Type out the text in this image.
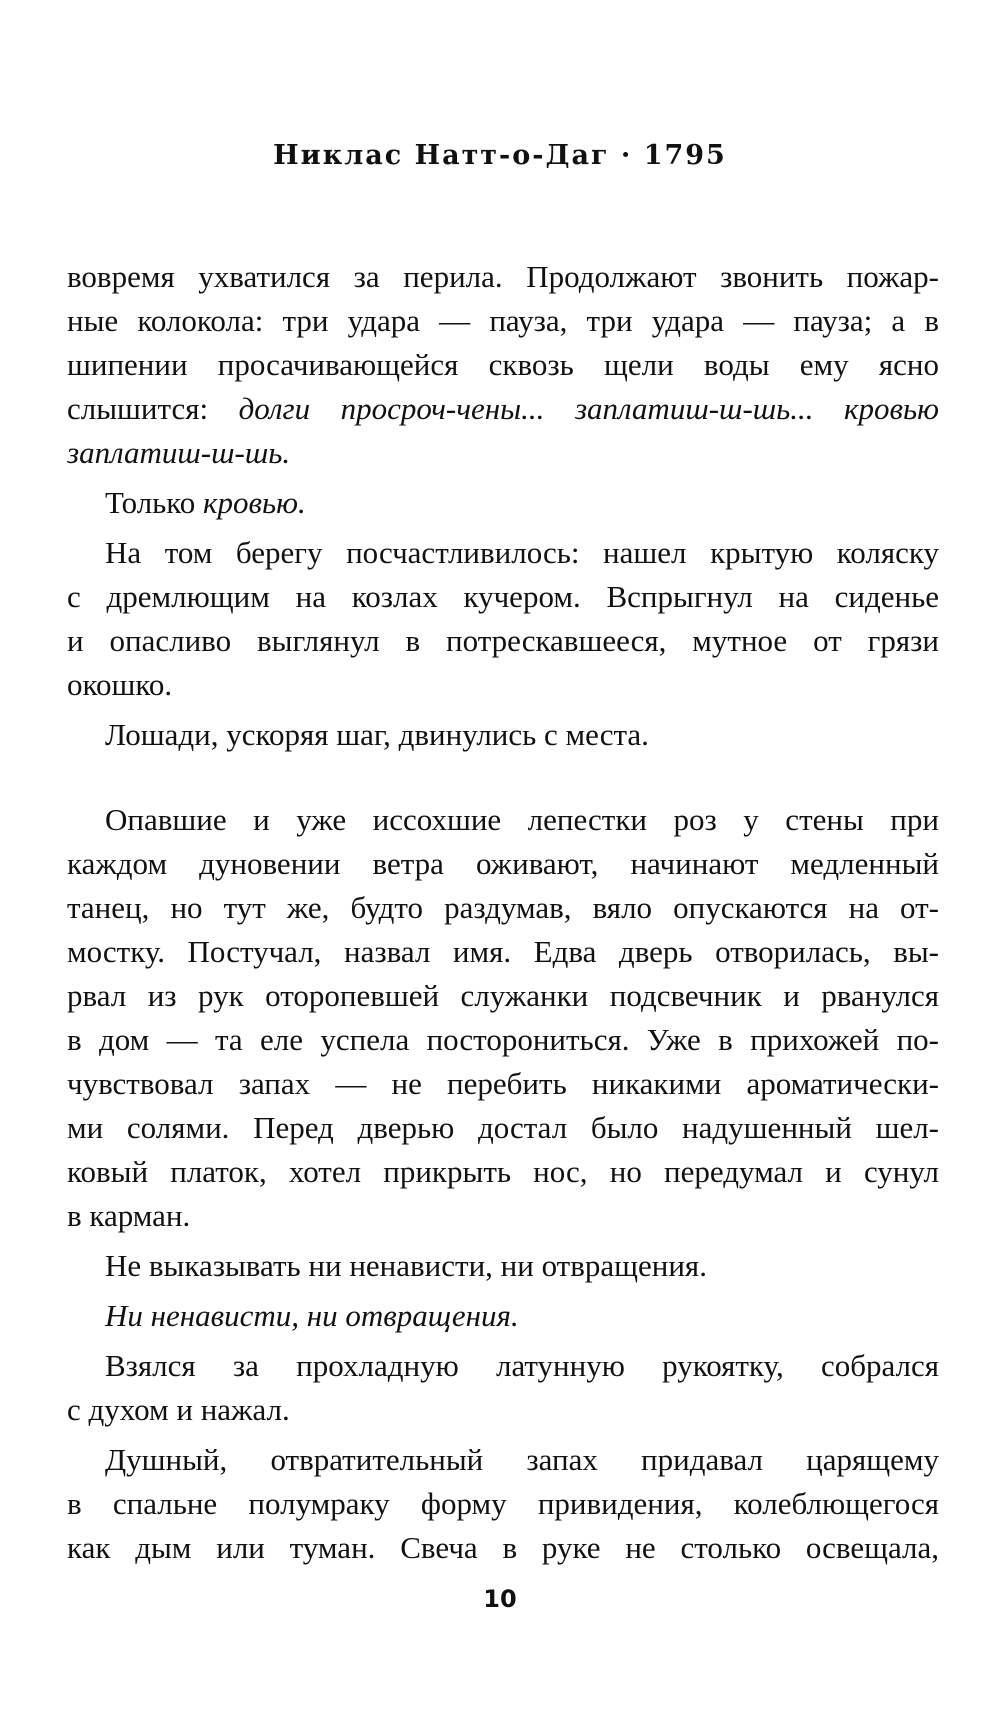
Никлас Натт-о-Даг · 1795
вовремя ухватился за перила. Продолжают звонить пожар-
ные колокола: три удара — пауза, три удара — пауза; а в
шипении просачивающейся сквозь щели воды ему ясно
слышится: долги просроч-чены... заплатиш-ш-шь... кровью
заплатиш-ш-шь.
Только кровью.
На том берегу посчастливилось: нашел крытую коляску
с дремлющим на козлах кучером. Вспрыгнул на сиденье
и опасливо выглянул в потрескавшееся, мутное от грязи
окошко.
Лошади, ускоряя шаг, двинулись с места.
Опавшие и уже иссохшие лепестки роз у стены при
каждом дуновении ветра оживают, начинают медленный
танец, но тут же, будто раздумав, вяло опускаются на от-
мостку. Постучал, назвал имя. Едва дверь отворилась, вы-
рвал из рук оторопевшей служанки подсвечник и рванулся
в дом — та еле успела посторониться. Уже в прихожей по-
чувствовал запах — не перебить никакими ароматически-
ми солями. Перед дверью достал было надушенный шел-
ковый платок, хотел прикрыть нос, но передумал и сунул
в карман.
Не выказывать ни ненависти, ни отвращения.
Ни ненависти, ни отвращения.
Взялся за прохладную латунную рукоятку, собрался
с духом и нажал.
Душный, отвратительный запах придавал царящему
в спальне полумраку форму привидения, колеблющегося
как дым или туман. Свеча в руке не столько освещала,
10
